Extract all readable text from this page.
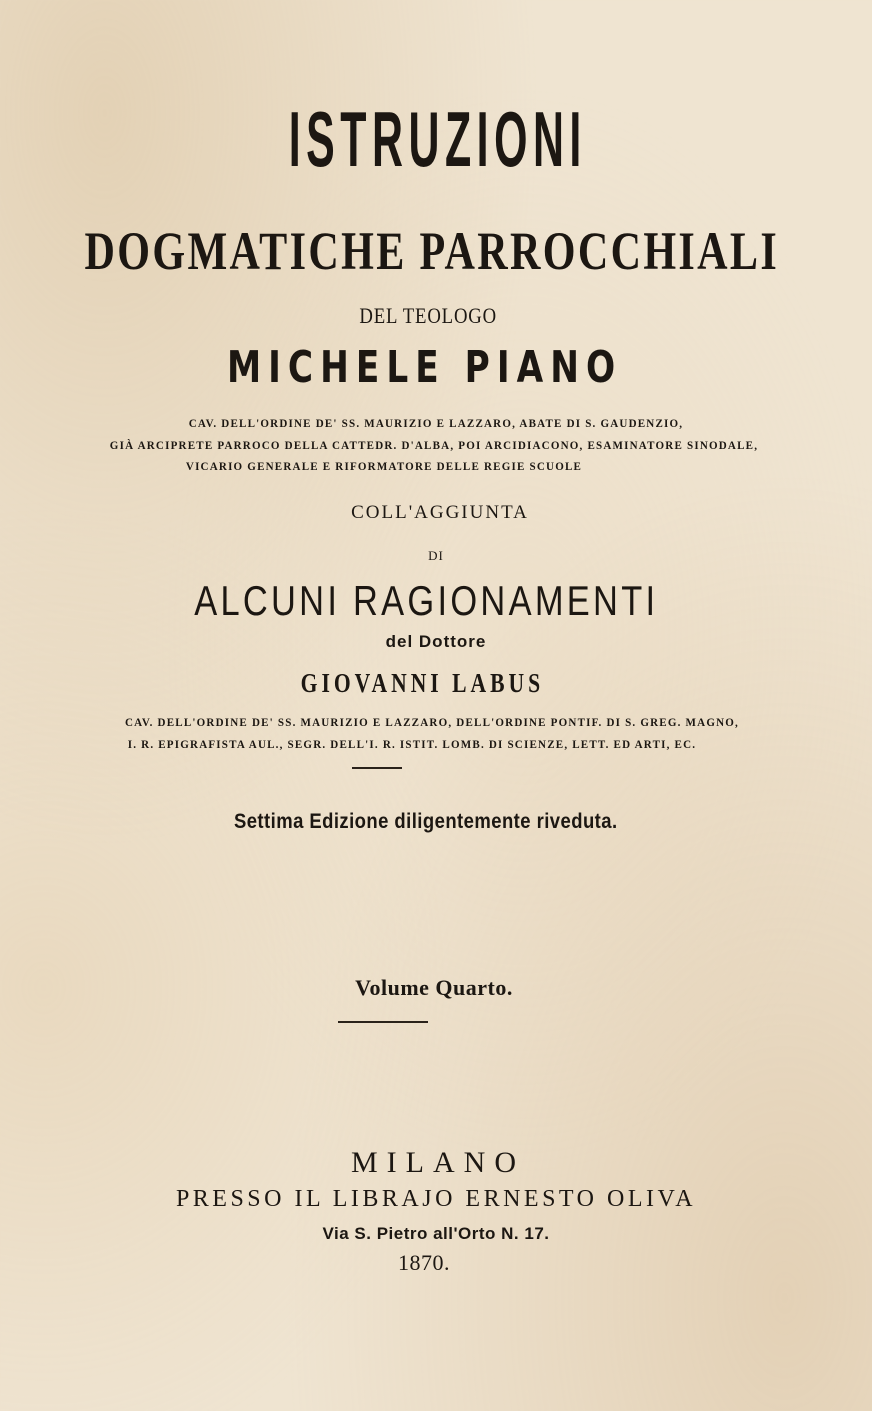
ISTRUZIONI
DOGMATICHE PARROCCHIALI
DEL TEOLOGO
MICHELE PIANO
CAV. DELL'ORDINE DE' SS. MAURIZIO E LAZZARO, ABATE DI S. GAUDENZIO,
GIÀ ARCIPRETE PARROCO DELLA CATTEDR. D'ALBA, POI ARCIDIACONO, ESAMINATORE SINODALE,
VICARIO GENERALE E RIFORMATORE DELLE REGIE SCUOLE
COLL'AGGIUNTA
DI
ALCUNI RAGIONAMENTI
del Dottore
GIOVANNI LABUS
CAV. DELL'ORDINE DE' SS. MAURIZIO E LAZZARO, DELL'ORDINE PONTIF. DI S. GREG. MAGNO,
I. R. EPIGRAFISTA AUL., SEGR. DELL'I. R. ISTIT. LOMB. DI SCIENZE, LETT. ED ARTI, EC.
Settima Edizione diligentemente riveduta.
Volume Quarto.
MILANO
PRESSO IL LIBRAJO ERNESTO OLIVA
Via S. Pietro all'Orto N. 17.
1870.
